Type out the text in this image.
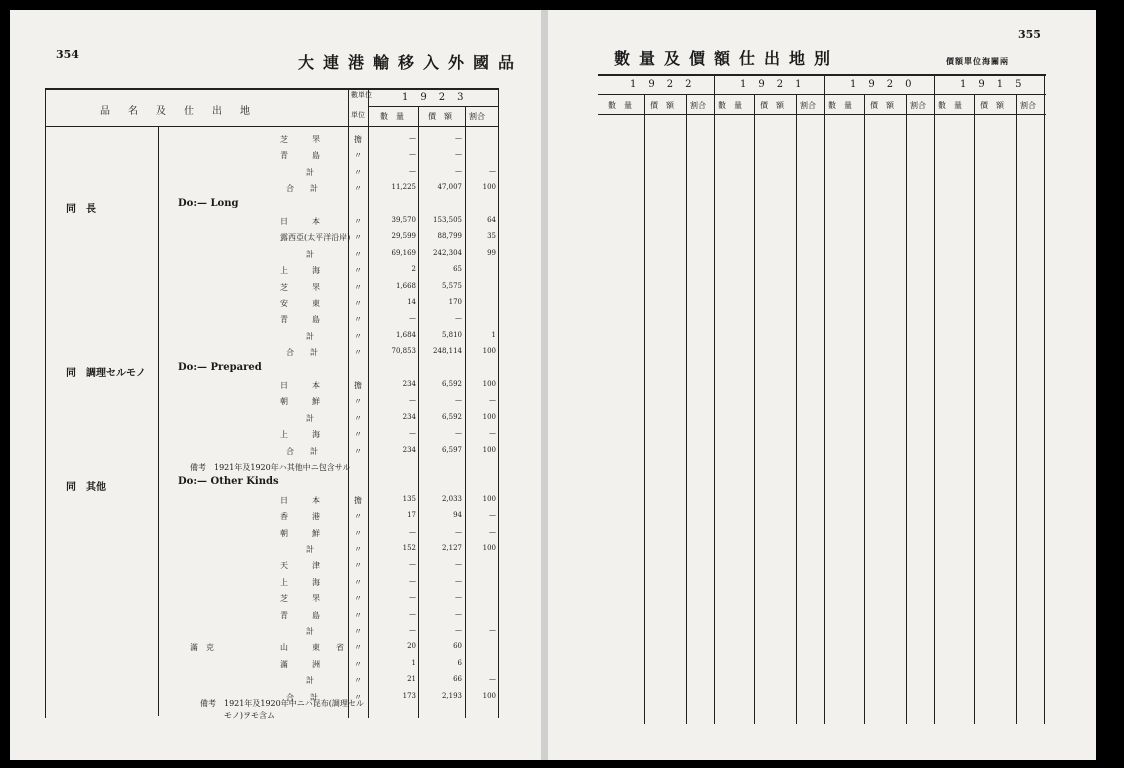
354	大連港輸移入外國品
品　名　及　仕　出　地
數単位
単位
1923
數　量	價　額 割合
芝　　　罘	擔	—	—
青　　　島	〃	—	—
計	〃	—	—	—
合　　計	〃	11,225	47,007	100
同　長
Do:— Long
日　　　本	〃	39,570	153,505	64
露西亞(太平洋沿岸) 〃	29,599	88,799	35
計	〃	69,169	242,304	99
上　　　海	〃	2	65
芝　　　罘	〃	1,668	5,575
安　　　東	〃	14	170
青　　　島	〃	—	—
計	〃	1,684	5,810	1
合　　計	〃	70,853	248,114	100
同　調理セルモノ
Do:— Prepared
日　　　本	擔	234	6,592	100
朝　　　鮮	〃	—	—	—
計	〃	234	6,592	100
上　　　海	〃	—	—	—
合　　計	〃	234	6,597	100
備考　1921年及1920年ハ其他中ニ包含サル
同　其他
Do:— Other Kinds
日　　　本	擔	135	2,033	100
香　　　港	〃	17	94	—
朝　　　鮮	〃	—	—	—
計	〃	152	2,127	100
天　　　津	〃	—	—
上　　　海	〃	—	—
芝　　　罘	〃	—	—
青　　　島	〃	—	—
計	〃	—	—	—
滿　克	山　　　東　　省 〃	20	60
滿　　　洲	〃	1	6
計	〃	21	66	—
合　　計	〃	173	2,193	100
備考　1921年及1920年中ニハ昆布(調理セル
モノ)ヲモ含ム
355
數量及價額仕出地別	價額單位海關兩
1922
數　量 價　額 割合
1921
數　量 價　額 割合
1920
數　量 價　額 割合
1915
數　量 價　額 割合
